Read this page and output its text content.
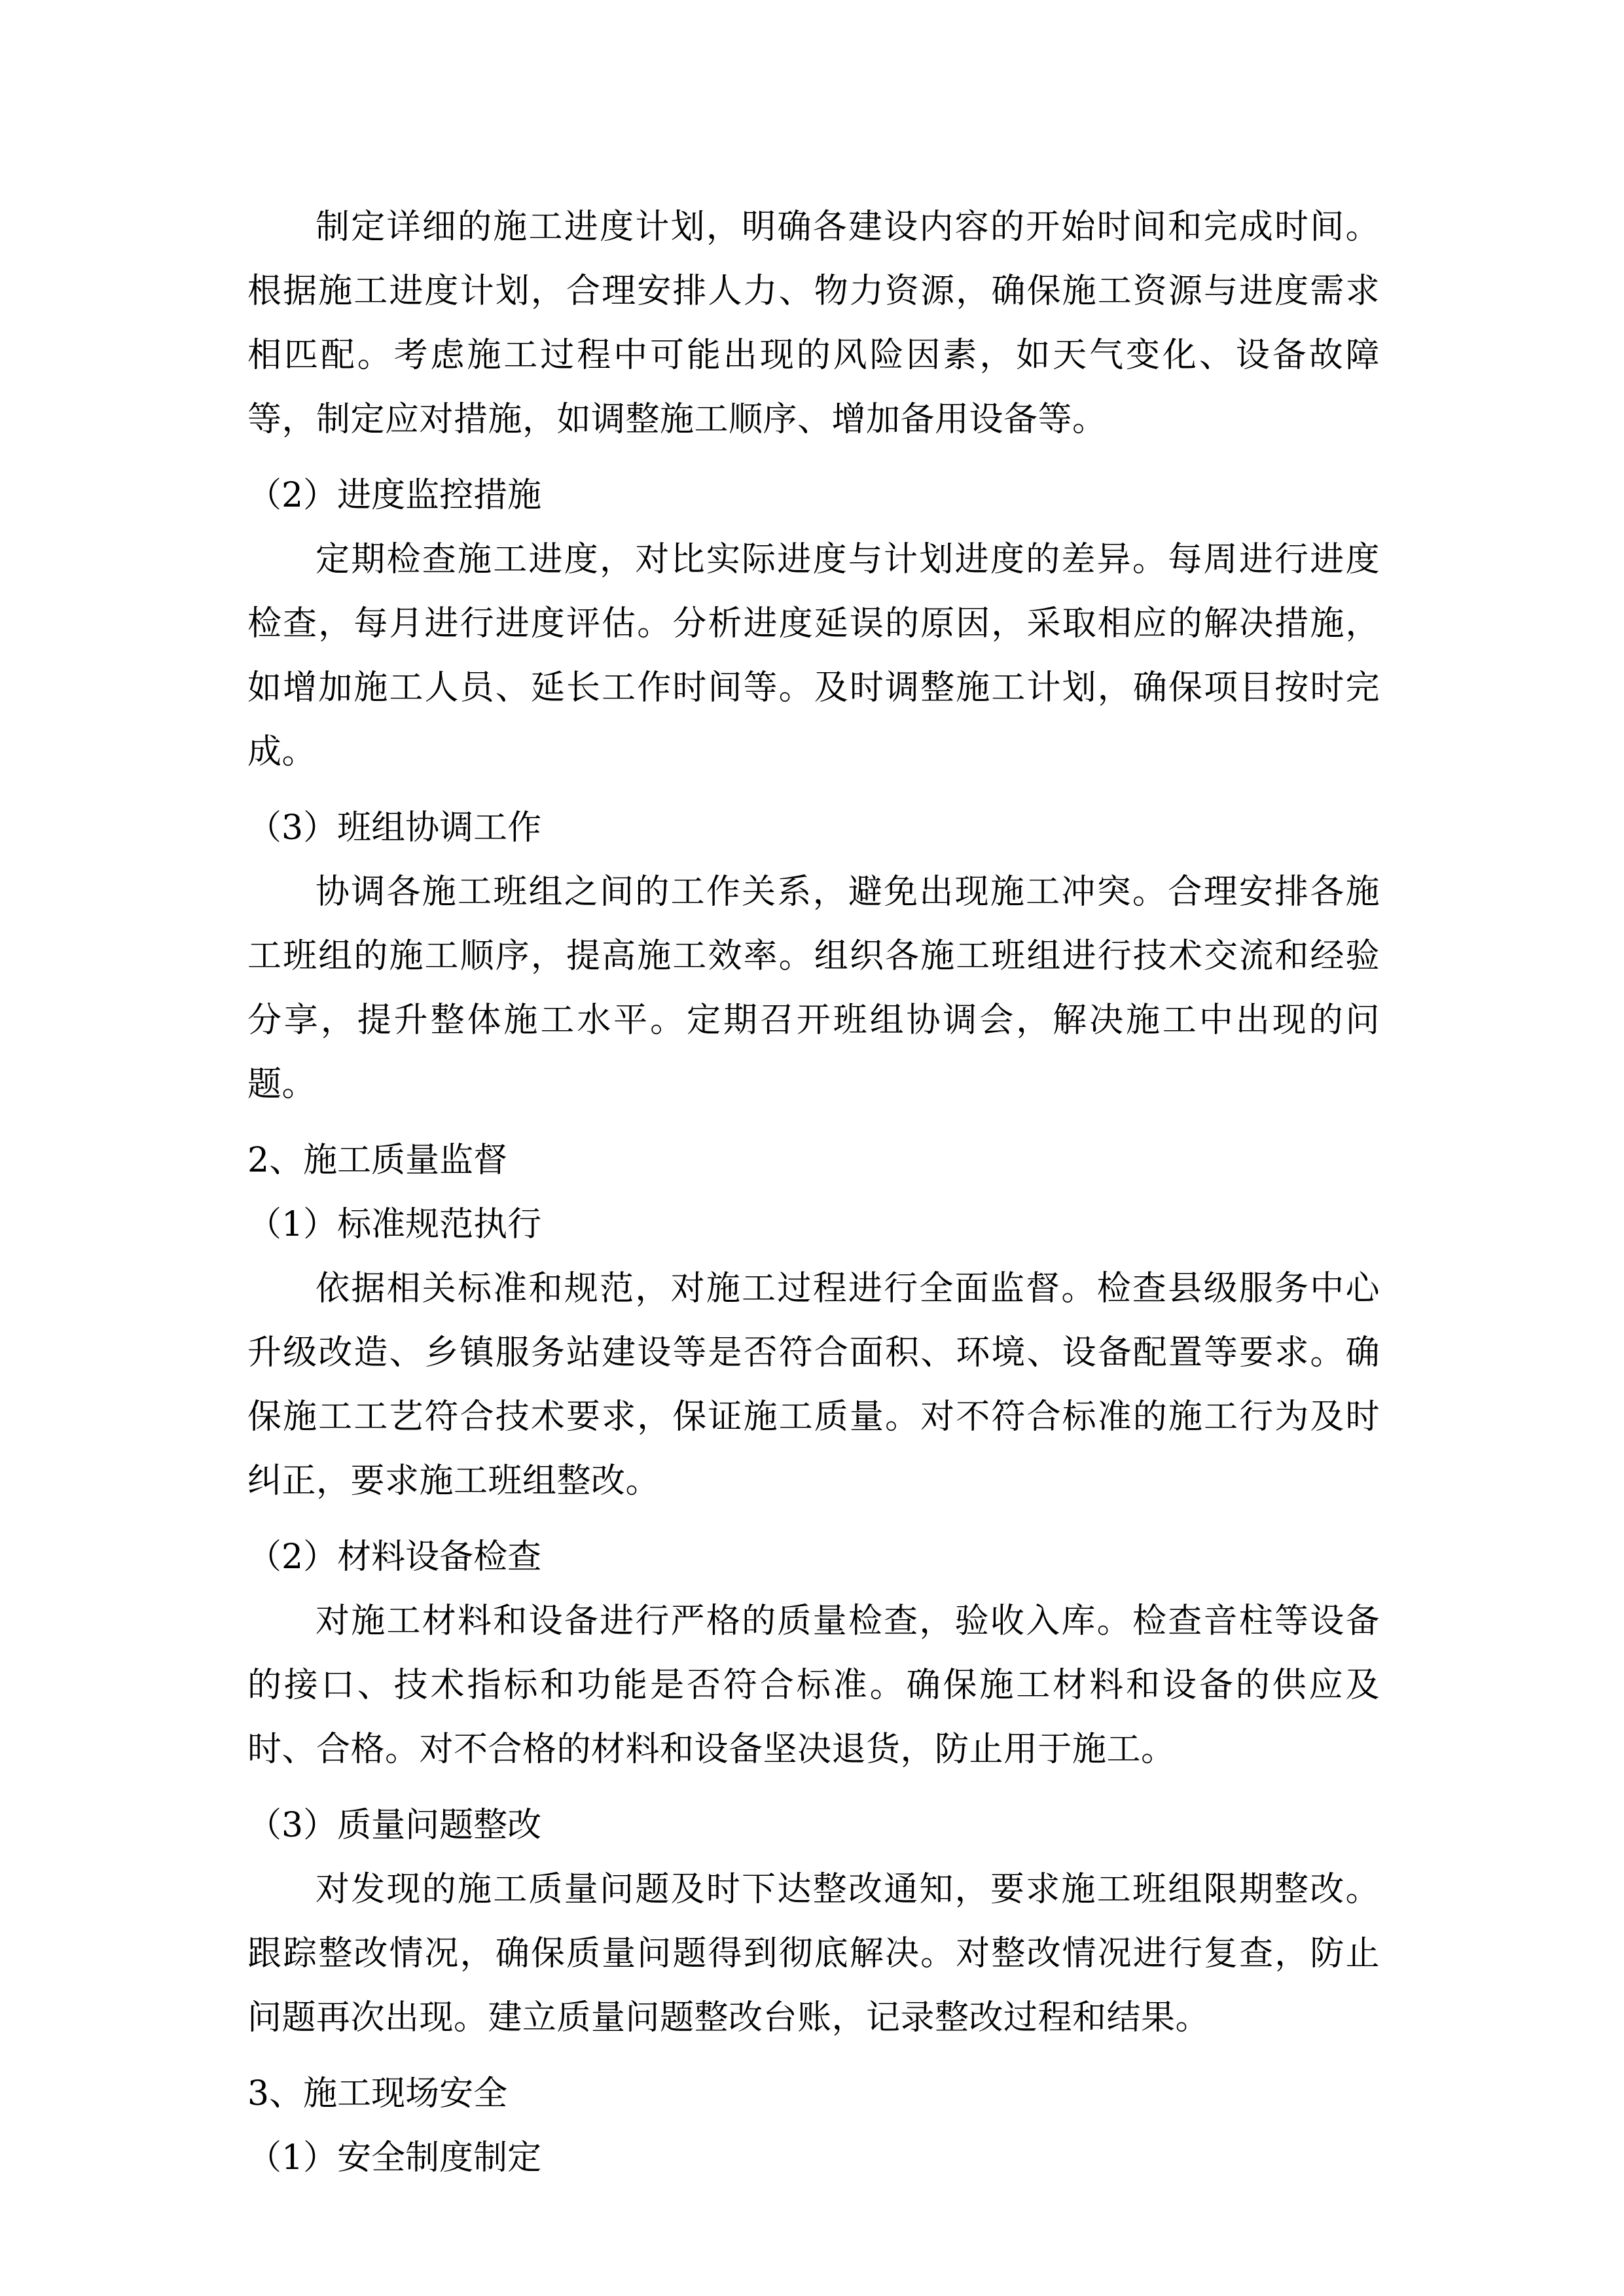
制定详细的施工进度计划，明确各建设内容的开始时间和完成时间。根据施工进度计划，合理安排人力、物力资源，确保施工资源与进度需求相匹配。考虑施工过程中可能出现的风险因素，如天气变化、设备故障等，制定应对措施，如调整施工顺序、增加备用设备等。

（2）进度监控措施

定期检查施工进度，对比实际进度与计划进度的差异。每周进行进度检查，每月进行进度评估。分析进度延误的原因，采取相应的解决措施，如增加施工人员、延长工作时间等。及时调整施工计划，确保项目按时完成。

（3）班组协调工作

协调各施工班组之间的工作关系，避免出现施工冲突。合理安排各施工班组的施工顺序，提高施工效率。组织各施工班组进行技术交流和经验分享，提升整体施工水平。定期召开班组协调会，解决施工中出现的问题。

2、施工质量监督

（1）标准规范执行

依据相关标准和规范，对施工过程进行全面监督。检查县级服务中心升级改造、乡镇服务站建设等是否符合面积、环境、设备配置等要求。确保施工工艺符合技术要求，保证施工质量。对不符合标准的施工行为及时纠正，要求施工班组整改。

（2）材料设备检查

对施工材料和设备进行严格的质量检查，验收入库。检查音柱等设备的接口、技术指标和功能是否符合标准。确保施工材料和设备的供应及时、合格。对不合格的材料和设备坚决退货，防止用于施工。

（3）质量问题整改

对发现的施工质量问题及时下达整改通知，要求施工班组限期整改。跟踪整改情况，确保质量问题得到彻底解决。对整改情况进行复查，防止问题再次出现。建立质量问题整改台账，记录整改过程和结果。

3、施工现场安全

（1）安全制度制定
